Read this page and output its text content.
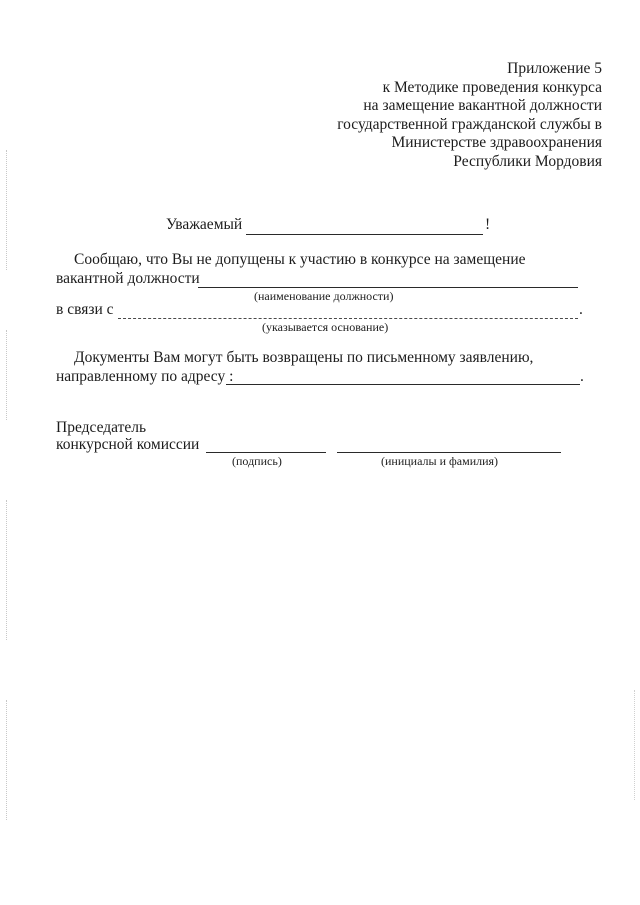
Приложение 5
к Методике проведения конкурса
на замещение вакантной должности
государственной гражданской службы в
Министерстве здравоохранения
Республики Мордовия
Уважаемый	!
Сообщаю, что Вы не допущены к участию в конкурсе на замещение
вакантной должности
(наименование должности)
в связи с	.
(указывается основание)
Документы Вам могут быть возвращены по письменному заявлению,
направленному по адресу :	.
Председатель
конкурсной комиссии
(подпись)	(инициалы и фамилия)
